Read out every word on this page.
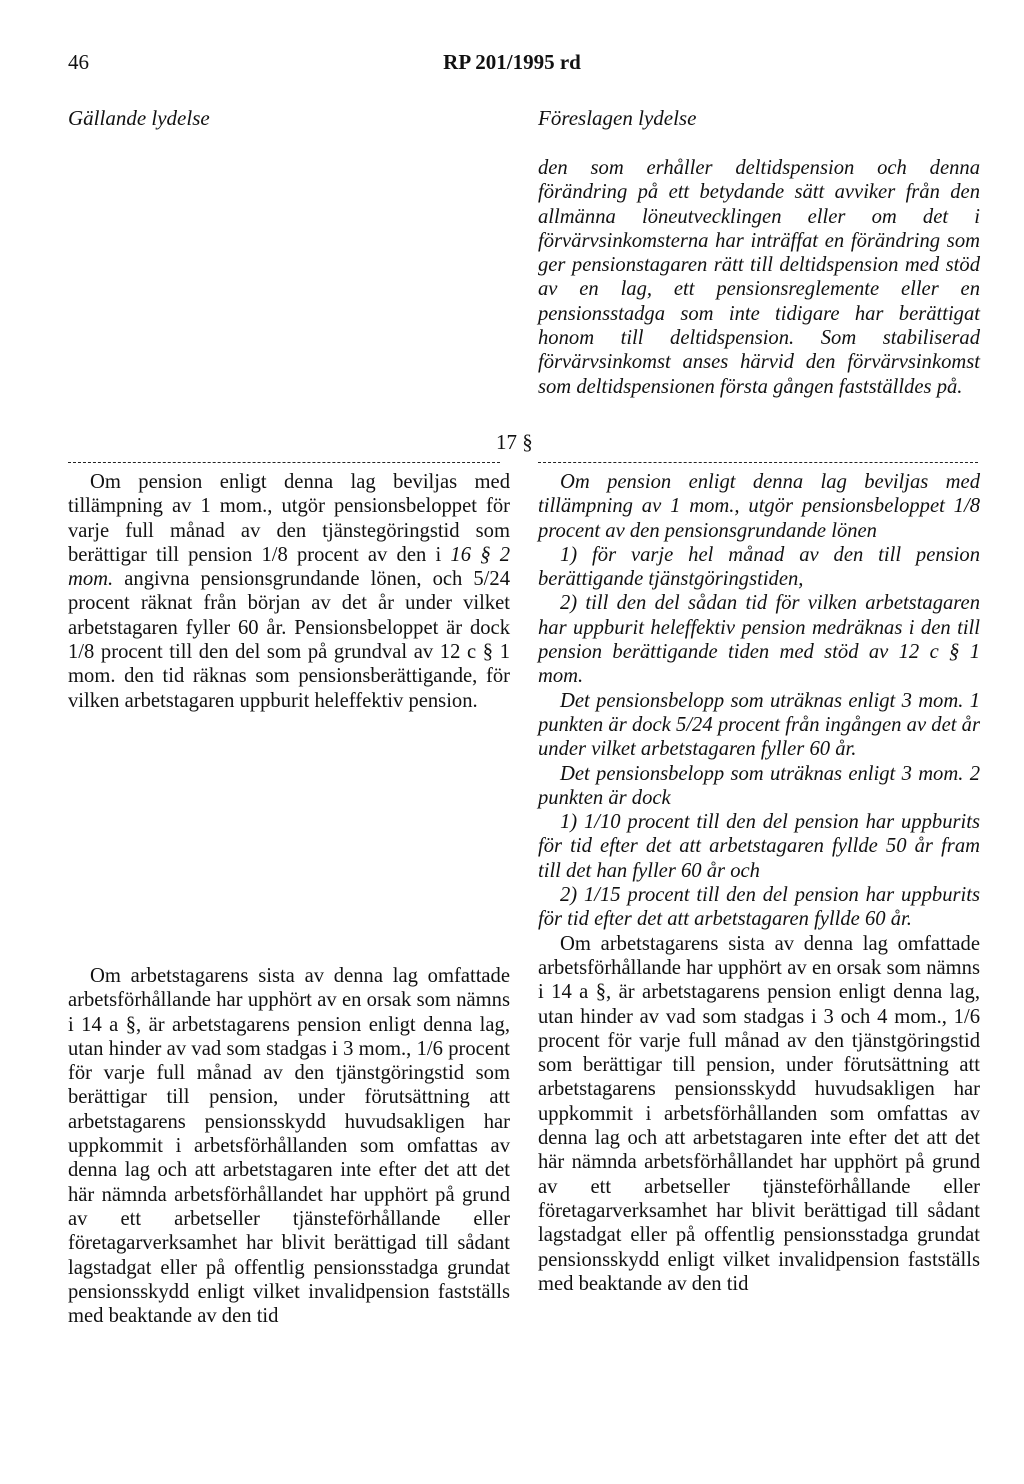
46	RP 201/1995 rd
Gällande lydelse	Föreslagen lydelse

den som erhåller deltidspension och denna förändring på ett betydande sätt avviker från den allmänna löneutvecklingen eller om det i förvärvsinkomsterna har inträffat en förändring som ger pensionstagaren rätt till deltidspension med stöd av en lag, ett pensionsreglemente eller en pensionsstadga som inte tidigare har berättigat honom till deltidspension. Som stabiliserad förvärvsinkomst anses härvid den förvärvsinkomst som deltidspensionen första gången fastställdes på.

17 §

Om pension enligt denna lag beviljas med tillämpning av 1 mom., utgör pensionsbeloppet för varje full månad av den tjänstegöringstid som berättigar till pension 1/8 procent av den i 16 § 2 mom. angivna pensionsgrundande lönen, och 5/24 procent räknat från början av det år under vilket arbetstagaren fyller 60 år. Pensionsbeloppet är dock 1/8 procent till den del som på grundval av 12 c § 1 mom. den tid räknas som pensionsberättigande, för vilken arbetstagaren uppburit heleffektiv pension.

Om pension enligt denna lag beviljas med tillämpning av 1 mom., utgör pensionsbeloppet 1/8 procent av den pensionsgrundande lönen

1) för varje hel månad av den till pension berättigande tjänstgöringstiden,

2) till den del sådan tid för vilken arbetstagaren har uppburit heleffektiv pension medräknas i den till pension berättigande tiden med stöd av 12 c § 1 mom.

Det pensionsbelopp som uträknas enligt 3 mom. 1 punkten är dock 5/24 procent från ingången av det år under vilket arbetstagaren fyller 60 år.

Det pensionsbelopp som uträknas enligt 3 mom. 2 punkten är dock

1) 1/10 procent till den del pension har uppburits för tid efter det att arbetstagaren fyllde 50 år fram till det han fyller 60 år och

2) 1/15 procent till den del pension har uppburits för tid efter det att arbetstagaren fyllde 60 år.

Om arbetstagarens sista av denna lag omfattade arbetsförhållande har upphört av en orsak som nämns i 14 a §, är arbetstagarens pension enligt denna lag, utan hinder av vad som stadgas i 3 och 4 mom., 1/6 procent för varje full månad av den tjänstgöringstid som berättigar till pension, under förutsättning att arbetstagarens pensionsskydd huvudsakligen har uppkommit i arbetsförhållanden som omfattas av denna lag och att arbetstagaren inte efter det att det här nämnda arbetsförhållandet har upphört på grund av ett arbetseller tjänsteförhållande eller företagarverksamhet har blivit berättigad till sådant lagstadgat eller på offentlig pensionsstadga grundat pensionsskydd enligt vilket invalidpension fastställs med beaktande av den tid

Om arbetstagarens sista av denna lag omfattade arbetsförhållande har upphört av en orsak som nämns i 14 a §, är arbetstagarens pension enligt denna lag, utan hinder av vad som stadgas i 3 mom., 1/6 procent för varje full månad av den tjänstgöringstid som berättigar till pension, under förutsättning att arbetstagarens pensionsskydd huvudsakligen har uppkommit i arbetsförhållanden som omfattas av denna lag och att arbetstagaren inte efter det att det här nämnda arbetsförhållandet har upphört på grund av ett arbetseller tjänsteförhållande eller företagarverksamhet har blivit berättigad till sådant lagstadgat eller på offentlig pensionsstadga grundat pensionsskydd enligt vilket invalidpension fastställs med beaktande av den tid
